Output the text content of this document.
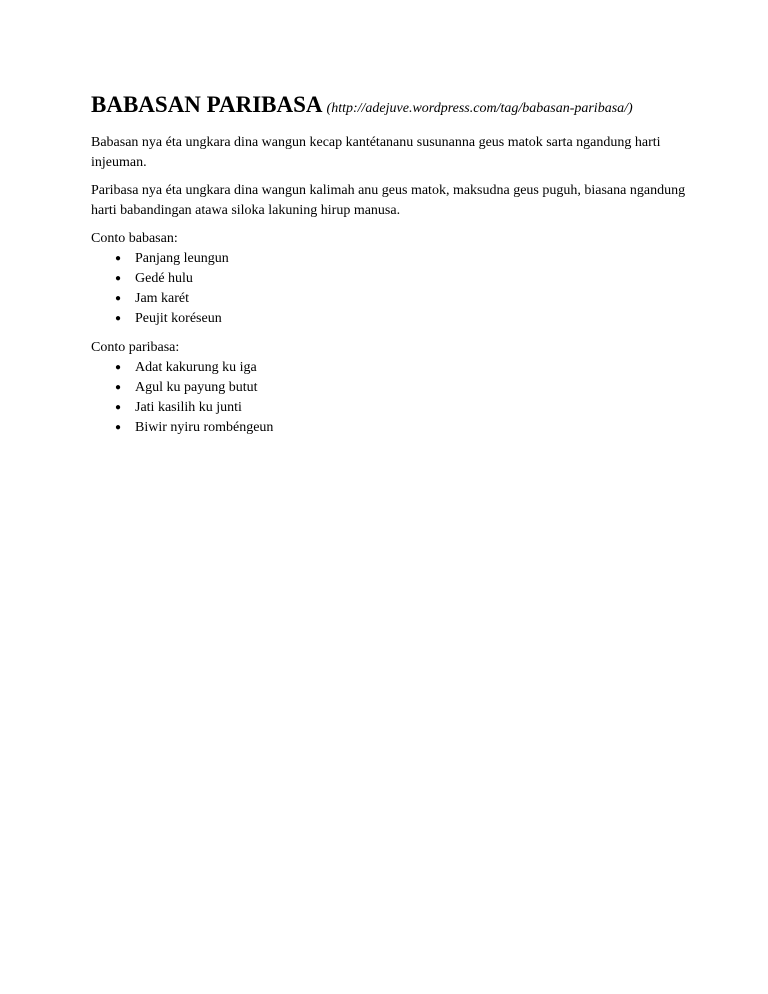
BABASAN PARIBASA (http://adejuve.wordpress.com/tag/babasan-paribasa/)

Babasan nya éta ungkara dina wangun kecap kantétananu susunanna geus matok sarta ngandung harti injeuman.

Paribasa nya éta ungkara dina wangun kalimah anu geus matok, maksudna geus puguh, biasana ngandung harti babandingan atawa siloka lakuning hirup manusa.

Conto babasan:
● Panjang leungun
● Gedé hulu
● Jam karét
● Peujit koréseun
Conto paribasa:
● Adat kakurung ku iga
● Agul ku payung butut
● Jati kasilih ku junti
● Biwir nyiru rombéngeun
